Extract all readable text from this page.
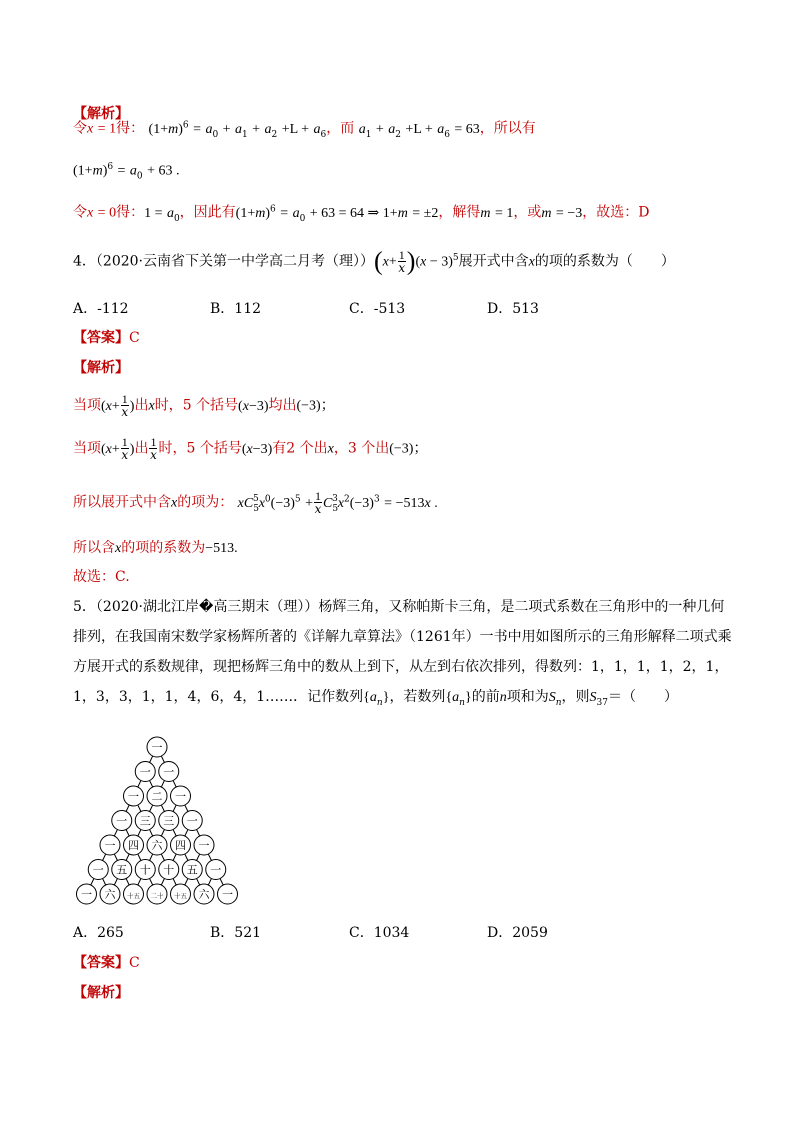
【解析】
令x = 1得： $(1+m)^6 = a_0 + a_1 + a_2 +L + a_6$，而 $a_1 + a_2 +L + a_6 = 63$，所以有
$(1+m)^6 = a_0 + 63$ .
令x = 0得：$1 = a_0$，因此有$(1+m)^6 = a_0 + 63 = 64$ ⇒ 1+m = ±2，解得m = 1，或m = −3，故选：D
4．（2020·云南省下关第一中学高二月考（理））$(x+ \frac{1}{x} )(x - 3)^5$展开式中含x的项的系数为（　　）
A．-112	B．112	C．-513	D．513
【答案】C
【解析】
当项($x+ \frac{1}{x}$ )出x时，5 个括号(x−3)均出(−3)；
当项($x+ \frac{1}{x}$ )出 $\frac{1}{x}$ 时，5 个括号(x−3)有2 个出x，3 个出(−3)；
所以展开式中含x的项为： $xC_5^5x^0(-3)^5 + \frac{1}{x} C_5^3x^2(-3)^3 = -513x$ .
所以含x的项的系数为−513.
故选：C.
5．（2020·湖北江岸�高三期末（理））杨辉三角，又称帕斯卡三角，是二项式系数在三角形中的一种几何排列，在我国南宋数学家杨辉所著的《详解九章算法》（1261年）一书中用如图所示的三角形解释二项式乘方展开式的系数规律，现把杨辉三角中的数从上到下，从左到右依次排列，得数列：1，1，1，1，2，1，1，3，3，1，1，4，6，4，1……．记作数列$\{a_n\}$，若数列$\{a_n\}$的前n项和为$S_n$，则$S_{37}=$（　　）
一
一 一
一 二 一
一 三 三 一
一 四 六 四 一
一 五 十 十 五 一
一 六 十五 二十 十五 六 一
A．265	B．521	C．1034	D．2059
【答案】C
【解析】
